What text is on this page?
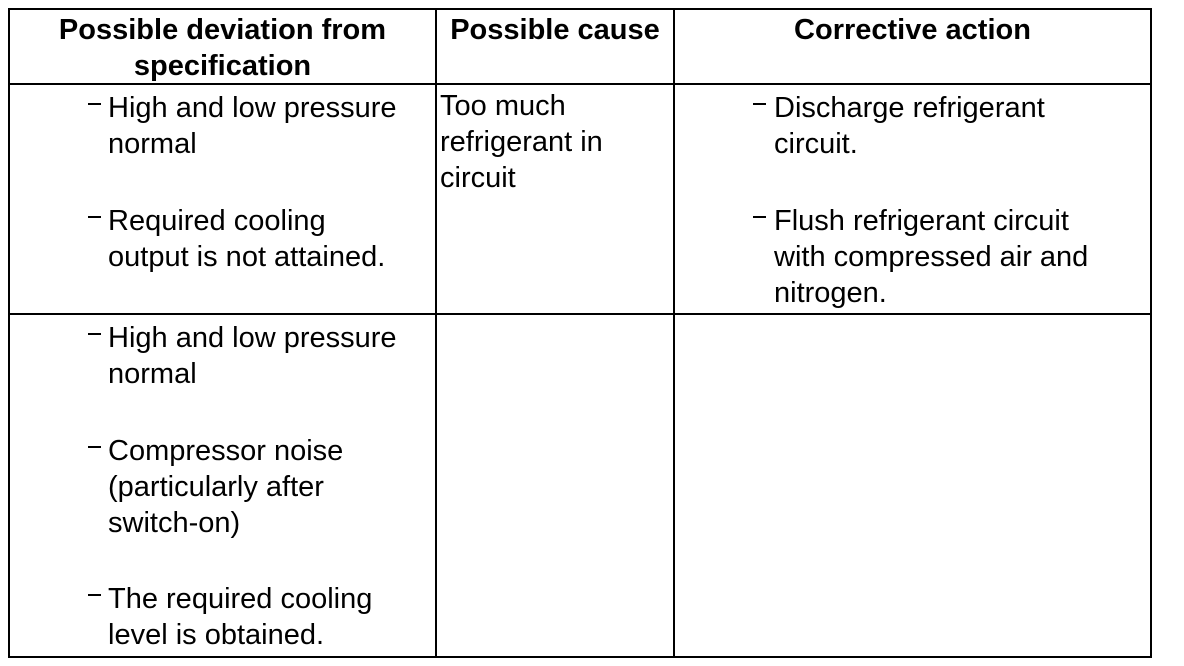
Possible deviation from
specification
Possible cause	Corrective action
High and low pressure
normal
Required cooling
output is not attained.
Too much
refrigerant in
circuit
Discharge refrigerant
circuit.
Flush refrigerant circuit
with compressed air and
nitrogen.
High and low pressure
normal
Compressor noise
(particularly after
switch-on)
The required cooling
level is obtained.
